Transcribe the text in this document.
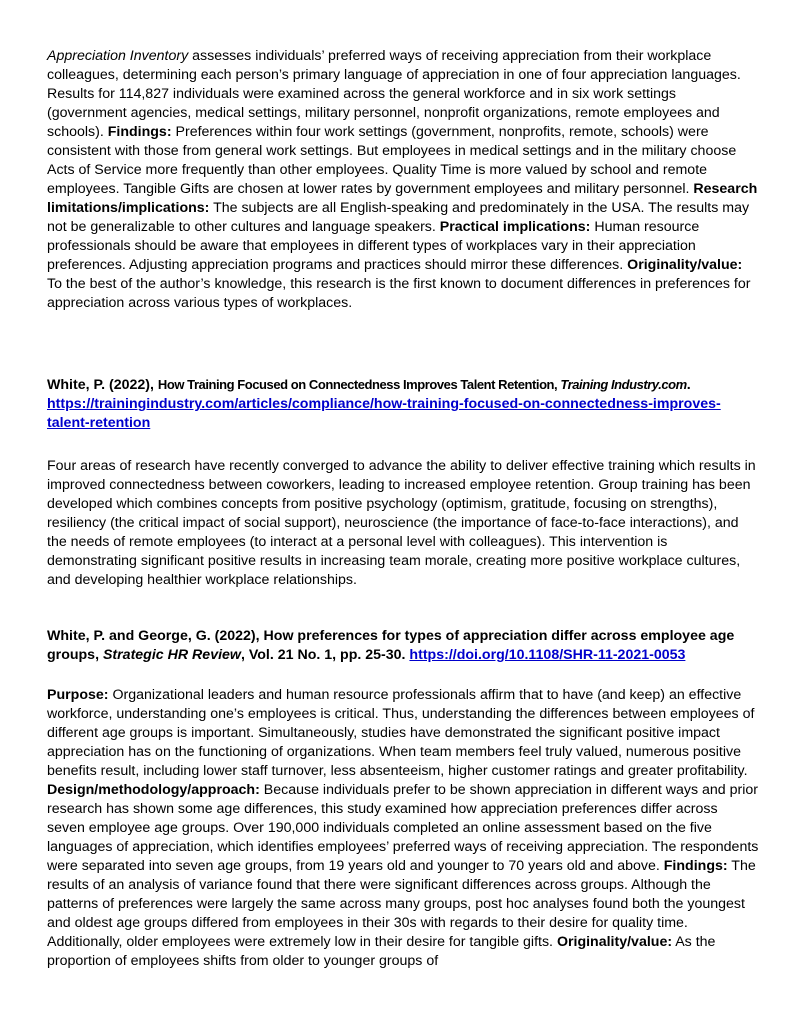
Appreciation Inventory assesses individuals’ preferred ways of receiving appreciation from their workplace colleagues, determining each person’s primary language of appreciation in one of four appreciation languages. Results for 114,827 individuals were examined across the general workforce and in six work settings (government agencies, medical settings, military personnel, nonprofit organizations, remote employees and schools). Findings: Preferences within four work settings (government, nonprofits, remote, schools) were consistent with those from general work settings. But employees in medical settings and in the military choose Acts of Service more frequently than other employees. Quality Time is more valued by school and remote employees. Tangible Gifts are chosen at lower rates by government employees and military personnel. Research limitations/implications: The subjects are all English-speaking and predominately in the USA. The results may not be generalizable to other cultures and language speakers. Practical implications: Human resource professionals should be aware that employees in different types of workplaces vary in their appreciation preferences. Adjusting appreciation programs and practices should mirror these differences. Originality/value: To the best of the author’s knowledge, this research is the first known to document differences in preferences for appreciation across various types of workplaces.

White, P. (2022), How Training Focused on Connectedness Improves Talent Retention, Training Industry.com.
https://trainingindustry.com/articles/compliance/how-training-focused-on-connectedness-improves-talent-retention

Four areas of research have recently converged to advance the ability to deliver effective training which results in improved connectedness between coworkers, leading to increased employee retention. Group training has been developed which combines concepts from positive psychology (optimism, gratitude, focusing on strengths), resiliency (the critical impact of social support), neuroscience (the importance of face-to-face interactions), and the needs of remote employees (to interact at a personal level with colleagues). This intervention is demonstrating significant positive results in increasing team morale, creating more positive workplace cultures, and developing healthier workplace relationships.

White, P. and George, G. (2022), How preferences for types of appreciation differ across employee age groups, Strategic HR Review, Vol. 21 No. 1, pp. 25-30. https://doi.org/10.1108/SHR-11-2021-0053

Purpose: Organizational leaders and human resource professionals affirm that to have (and keep) an effective workforce, understanding one’s employees is critical. Thus, understanding the differences between employees of different age groups is important. Simultaneously, studies have demonstrated the significant positive impact appreciation has on the functioning of organizations. When team members feel truly valued, numerous positive benefits result, including lower staff turnover, less absenteeism, higher customer ratings and greater profitability. Design/methodology/approach: Because individuals prefer to be shown appreciation in different ways and prior research has shown some age differences, this study examined how appreciation preferences differ across seven employee age groups. Over 190,000 individuals completed an online assessment based on the five languages of appreciation, which identifies employees’ preferred ways of receiving appreciation. The respondents were separated into seven age groups, from 19 years old and younger to 70 years old and above. Findings: The results of an analysis of variance found that there were significant differences across groups. Although the patterns of preferences were largely the same across many groups, post hoc analyses found both the youngest and oldest age groups differed from employees in their 30s with regards to their desire for quality time. Additionally, older employees were extremely low in their desire for tangible gifts. Originality/value: As the proportion of employees shifts from older to younger groups of
